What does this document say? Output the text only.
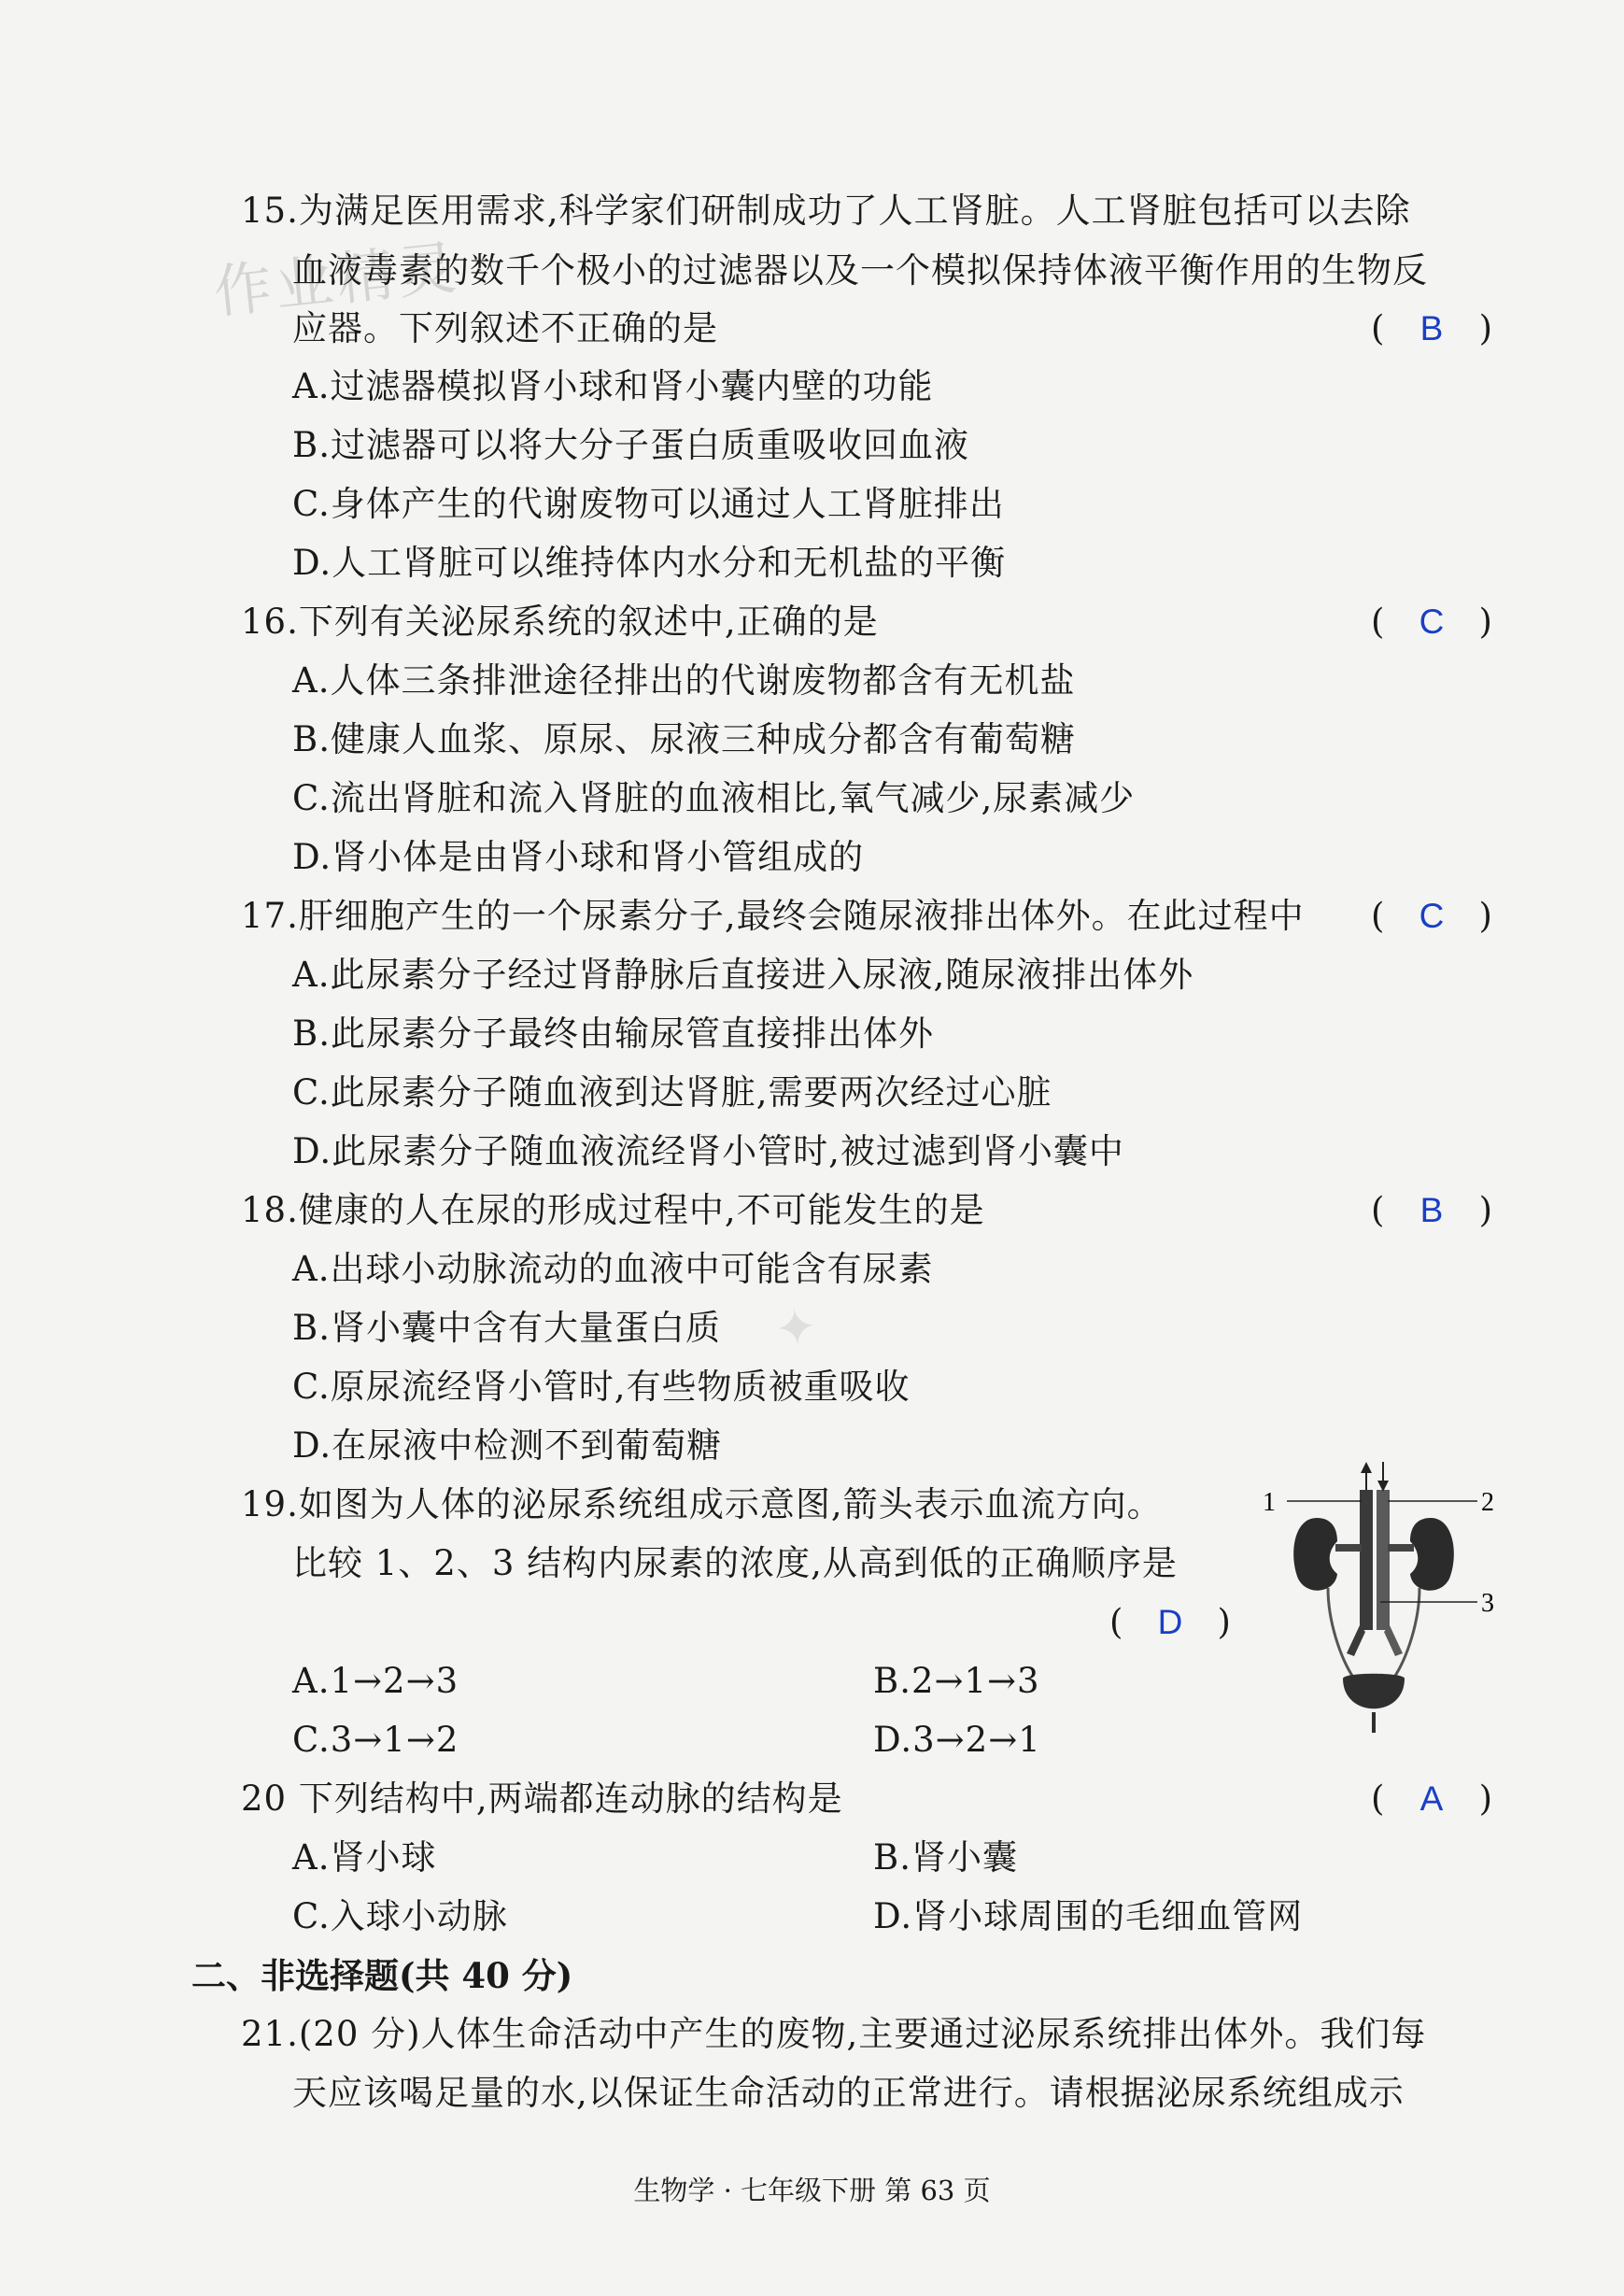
作业精灵
15.为满足医用需求,科学家们研制成功了人工肾脏。人工肾脏包括可以去除
血液毒素的数千个极小的过滤器以及一个模拟保持体液平衡作用的生物反
应器。下列叙述不正确的是	( B )
A.过滤器模拟肾小球和肾小囊内壁的功能
B.过滤器可以将大分子蛋白质重吸收回血液
C.身体产生的代谢废物可以通过人工肾脏排出
D.人工肾脏可以维持体内水分和无机盐的平衡
16.下列有关泌尿系统的叙述中,正确的是	( C )
A.人体三条排泄途径排出的代谢废物都含有无机盐
B.健康人血浆、原尿、尿液三种成分都含有葡萄糖
C.流出肾脏和流入肾脏的血液相比,氧气减少,尿素减少
D.肾小体是由肾小球和肾小管组成的
17.肝细胞产生的一个尿素分子,最终会随尿液排出体外。在此过程中 ( C )
A.此尿素分子经过肾静脉后直接进入尿液,随尿液排出体外
B.此尿素分子最终由输尿管直接排出体外
C.此尿素分子随血液到达肾脏,需要两次经过心脏
D.此尿素分子随血液流经肾小管时,被过滤到肾小囊中
18.健康的人在尿的形成过程中,不可能发生的是	( B )
A.出球小动脉流动的血液中可能含有尿素
B.肾小囊中含有大量蛋白质
C.原尿流经肾小管时,有些物质被重吸收
D.在尿液中检测不到葡萄糖
✦
19.如图为人体的泌尿系统组成示意图,箭头表示血流方向。
比较 1、2、3 结构内尿素的浓度,从高到低的正确顺序是
( D )
A.1→2→3	B.2→1→3
C.3→1→2	D.3→2→1
1	2
3
20 下列结构中,两端都连动脉的结构是	( A )
A.肾小球	B.肾小囊
C.入球小动脉	D.肾小球周围的毛细血管网
二、非选择题(共 40 分)
21.(20 分)人体生命活动中产生的废物,主要通过泌尿系统排出体外。我们每
天应该喝足量的水,以保证生命活动的正常进行。请根据泌尿系统组成示
生物学 · 七年级下册 第 63 页
